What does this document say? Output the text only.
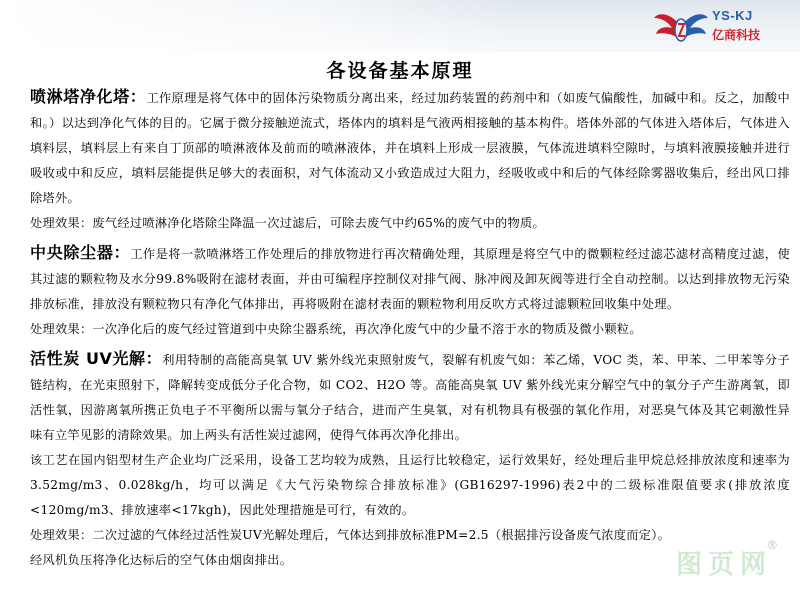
YS-KJ
亿商科技
各设备基本原理

喷淋塔净化塔：工作原理是将气体中的固体污染物质分离出来，经过加药装置的药剂中和（如废气偏酸性，加碱中和。反之，加酸中和。）以达到净化气体的目的。它属于微分接触逆流式，塔体内的填料是气液两相接触的基本构件。塔体外部的气体进入塔体后，气体进入填料层，填料层上有来自丁顶部的喷淋液体及前而的喷淋液体，并在填料上形成一层液膜，气体流进填料空隙时，与填料液膜接触并进行吸收或中和反应，填料层能提供足够大的表面积，对气体流动又小致造成过大阻力，经吸收或中和后的气体经除雾器收集后，经出风口排除塔外。

处理效果：废气经过喷淋净化塔除尘降温一次过滤后，可除去废气中约65%的废气中的物质。

中央除尘器：工作是将一款喷淋塔工作处理后的排放物进行再次精确处理，其原理是将空气中的微颗粒经过滤芯滤材高精度过滤，使其过滤的颗粒物及水分99.8%吸附在滤材表面，并由可编程序控制仪对排气阀、脉冲阀及卸灰阀等进行全自动控制。以达到排放物无污染排放标准，排放没有颗粒物只有净化气体排出，再将吸附在滤材表面的颗粒物利用反吹方式将过滤颗粒回收集中处理。

处理效果：一次净化后的废气经过管道到中央除尘器系统，再次净化废气中的少量不溶于水的物质及微小颗粒。

活性炭 UV光解：利用特制的高能高臭氧 UV 紫外线光束照射废气，裂解有机废气如：苯乙烯，VOC 类，苯、甲苯、二甲苯等分子链结构，在光束照射下，降解转变成低分子化合物，如 CO2、H2O 等。高能高臭氧 UV 紫外线光束分解空气中的氧分子产生游离氧，即活性氧，因游离氧所携正负电子不平衡所以需与氧分子结合，进而产生臭氧，对有机物具有极强的氧化作用，对恶臭气体及其它刺激性异味有立竿见影的清除效果。加上两头有活性炭过滤网，使得气体再次净化排出。

该工艺在国内铝型材生产企业均广泛采用，设备工艺均较为成熟，且运行比较稳定，运行效果好，经处理后韭甲烷总烃排放浓度和速率为3.52mg/m3、0.028kg/h，均可以满足《大气污染物综合排放标准》(GB16297-1996)表2中的二级标准限值要求(排放浓度<120mg/m3、排放速率<17kgh)，因此处理措施是可行，有效的。

处理效果：二次过滤的气体经过活性炭UV光解处理后，气体达到排放标准PM=2.5（根据排污设备废气浓度而定）。

经风机负压将净化达标后的空气体由烟囱排出。	图页网
®
